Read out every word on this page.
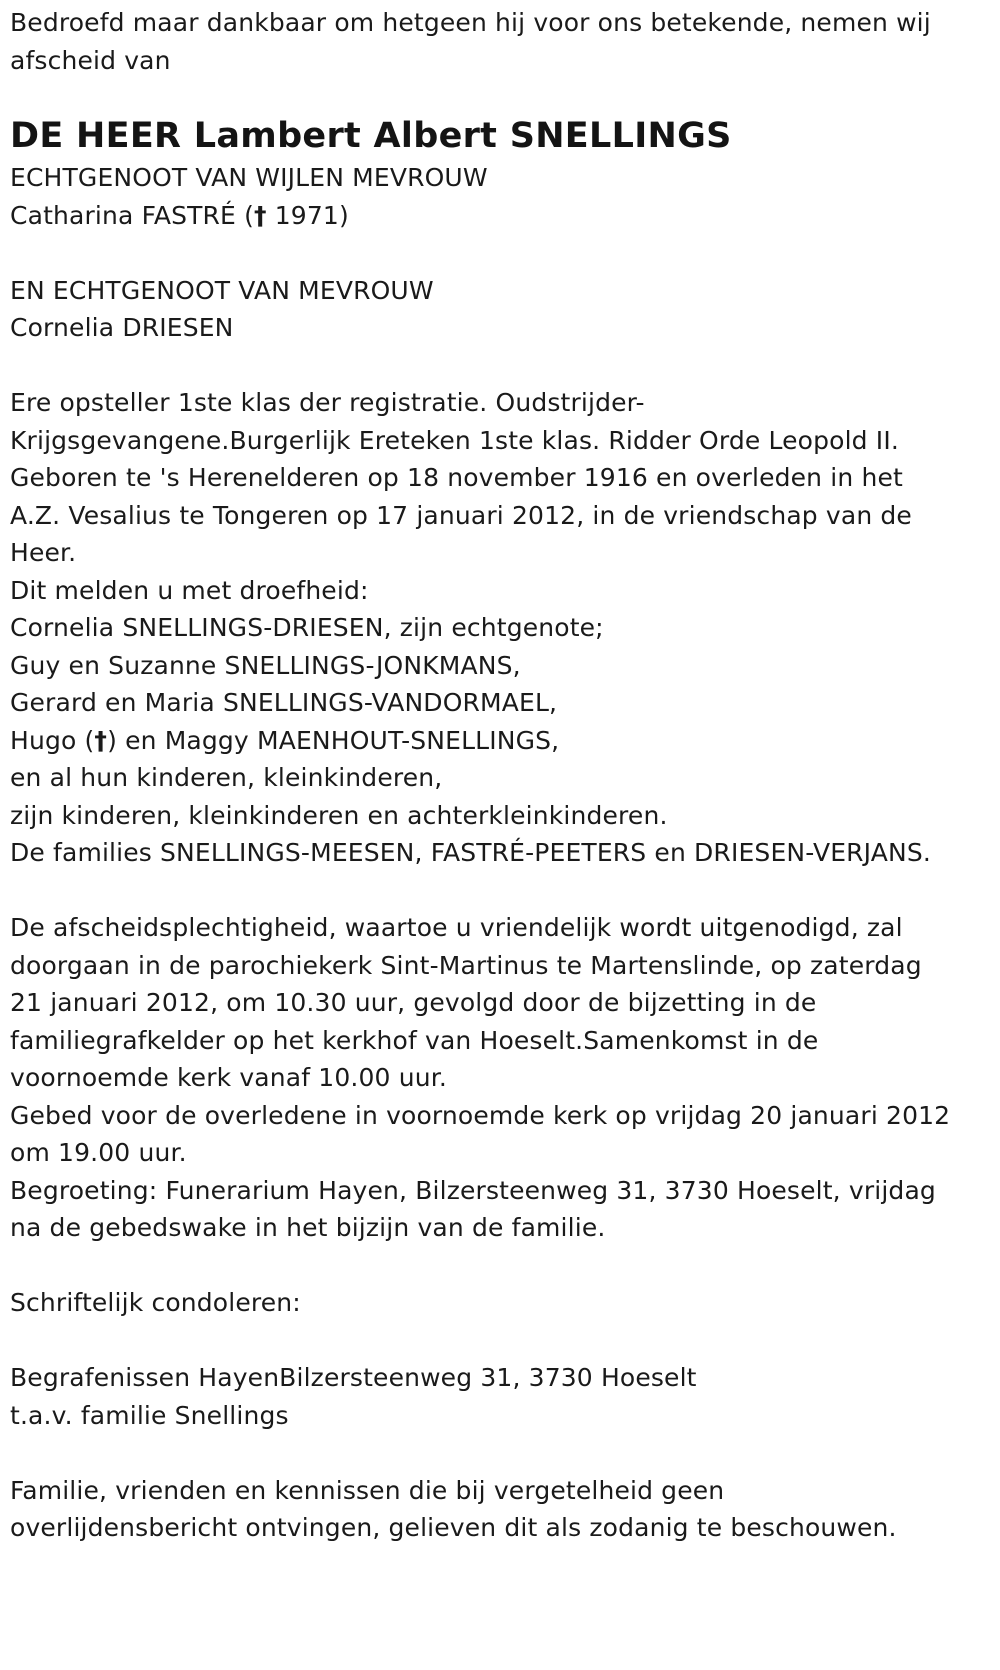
Bedroefd maar dankbaar om hetgeen hij voor ons betekende, nemen wij
afscheid van
DE HEER Lambert Albert SNELLINGS
ECHTGENOOT VAN WIJLEN MEVROUW
Catharina FASTRÉ († 1971)
EN ECHTGENOOT VAN MEVROUW
Cornelia DRIESEN
Ere opsteller 1ste klas der registratie. Oudstrijder-
Krijgsgevangene.Burgerlijk Ereteken 1ste klas. Ridder Orde Leopold II.
Geboren te 's Herenelderen op 18 november 1916 en overleden in het
A.Z. Vesalius te Tongeren op 17 januari 2012, in de vriendschap van de
Heer.
Dit melden u met droefheid:
Cornelia SNELLINGS-DRIESEN, zijn echtgenote;
Guy en Suzanne SNELLINGS-JONKMANS,
Gerard en Maria SNELLINGS-VANDORMAEL,
Hugo (†) en Maggy MAENHOUT-SNELLINGS,
en al hun kinderen, kleinkinderen,
zijn kinderen, kleinkinderen en achterkleinkinderen.
De families SNELLINGS-MEESEN, FASTRÉ-PEETERS en DRIESEN-VERJANS.
De afscheidsplechtigheid, waartoe u vriendelijk wordt uitgenodigd, zal
doorgaan in de parochiekerk Sint-Martinus te Martenslinde, op zaterdag
21 januari 2012, om 10.30 uur, gevolgd door de bijzetting in de
familiegrafkelder op het kerkhof van Hoeselt.Samenkomst in de
voornoemde kerk vanaf 10.00 uur.
Gebed voor de overledene in voornoemde kerk op vrijdag 20 januari 2012
om 19.00 uur.
Begroeting: Funerarium Hayen, Bilzersteenweg 31, 3730 Hoeselt, vrijdag
na de gebedswake in het bijzijn van de familie.
Schriftelijk condoleren:
Begrafenissen HayenBilzersteenweg 31, 3730 Hoeselt
t.a.v. familie Snellings
Familie, vrienden en kennissen die bij vergetelheid geen
overlijdensbericht ontvingen, gelieven dit als zodanig te beschouwen.
